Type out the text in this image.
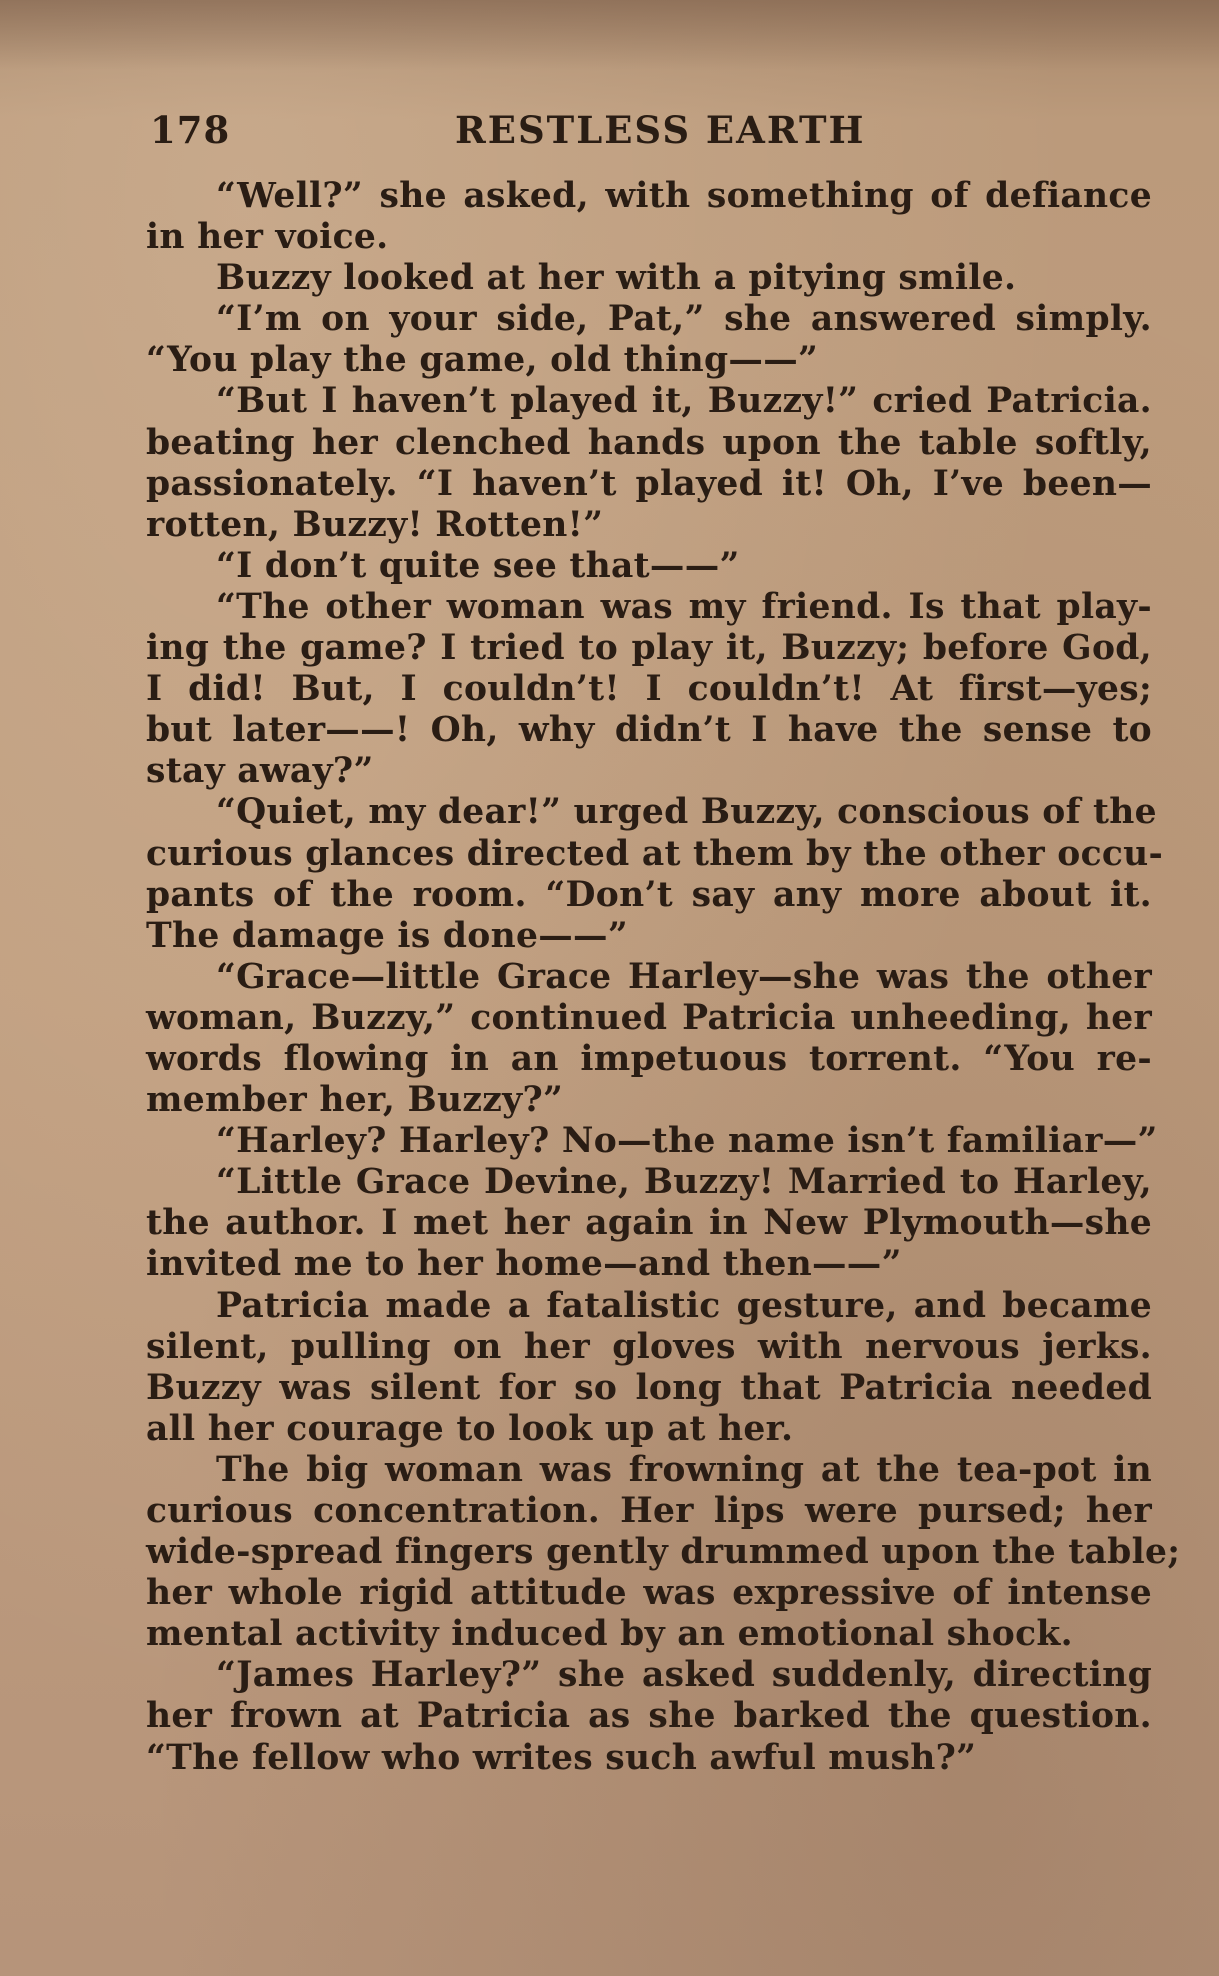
178	RESTLESS EARTH
“Well?” she asked, with something of defiance
in her voice.
Buzzy looked at her with a pitying smile.
“I’m on your side, Pat,” she answered simply.
“You play the game, old thing——”
“But I haven’t played it, Buzzy!” cried Patricia.
beating her clenched hands upon the table softly,
passionately. “I haven’t played it! Oh, I’ve been—
rotten, Buzzy! Rotten!”
“I don’t quite see that——”
“The other woman was my friend. Is that play-
ing the game? I tried to play it, Buzzy; before God,
I did! But, I couldn’t! I couldn’t! At first—yes;
but later——! Oh, why didn’t I have the sense to
stay away?”
“Quiet, my dear!” urged Buzzy, conscious of the
curious glances directed at them by the other occu-
pants of the room. “Don’t say any more about it.
The damage is done——”
“Grace—little Grace Harley—she was the other
woman, Buzzy,” continued Patricia unheeding, her
words flowing in an impetuous torrent. “You re-
member her, Buzzy?”
“Harley? Harley? No—the name isn’t familiar—”
“Little Grace Devine, Buzzy! Married to Harley,
the author. I met her again in New Plymouth—she
invited me to her home—and then——”
Patricia made a fatalistic gesture, and became
silent, pulling on her gloves with nervous jerks.
Buzzy was silent for so long that Patricia needed
all her courage to look up at her.
The big woman was frowning at the tea-pot in
curious concentration. Her lips were pursed; her
wide-spread fingers gently drummed upon the table;
her whole rigid attitude was expressive of intense
mental activity induced by an emotional shock.
“James Harley?” she asked suddenly, directing
her frown at Patricia as she barked the question.
“The fellow who writes such awful mush?”
